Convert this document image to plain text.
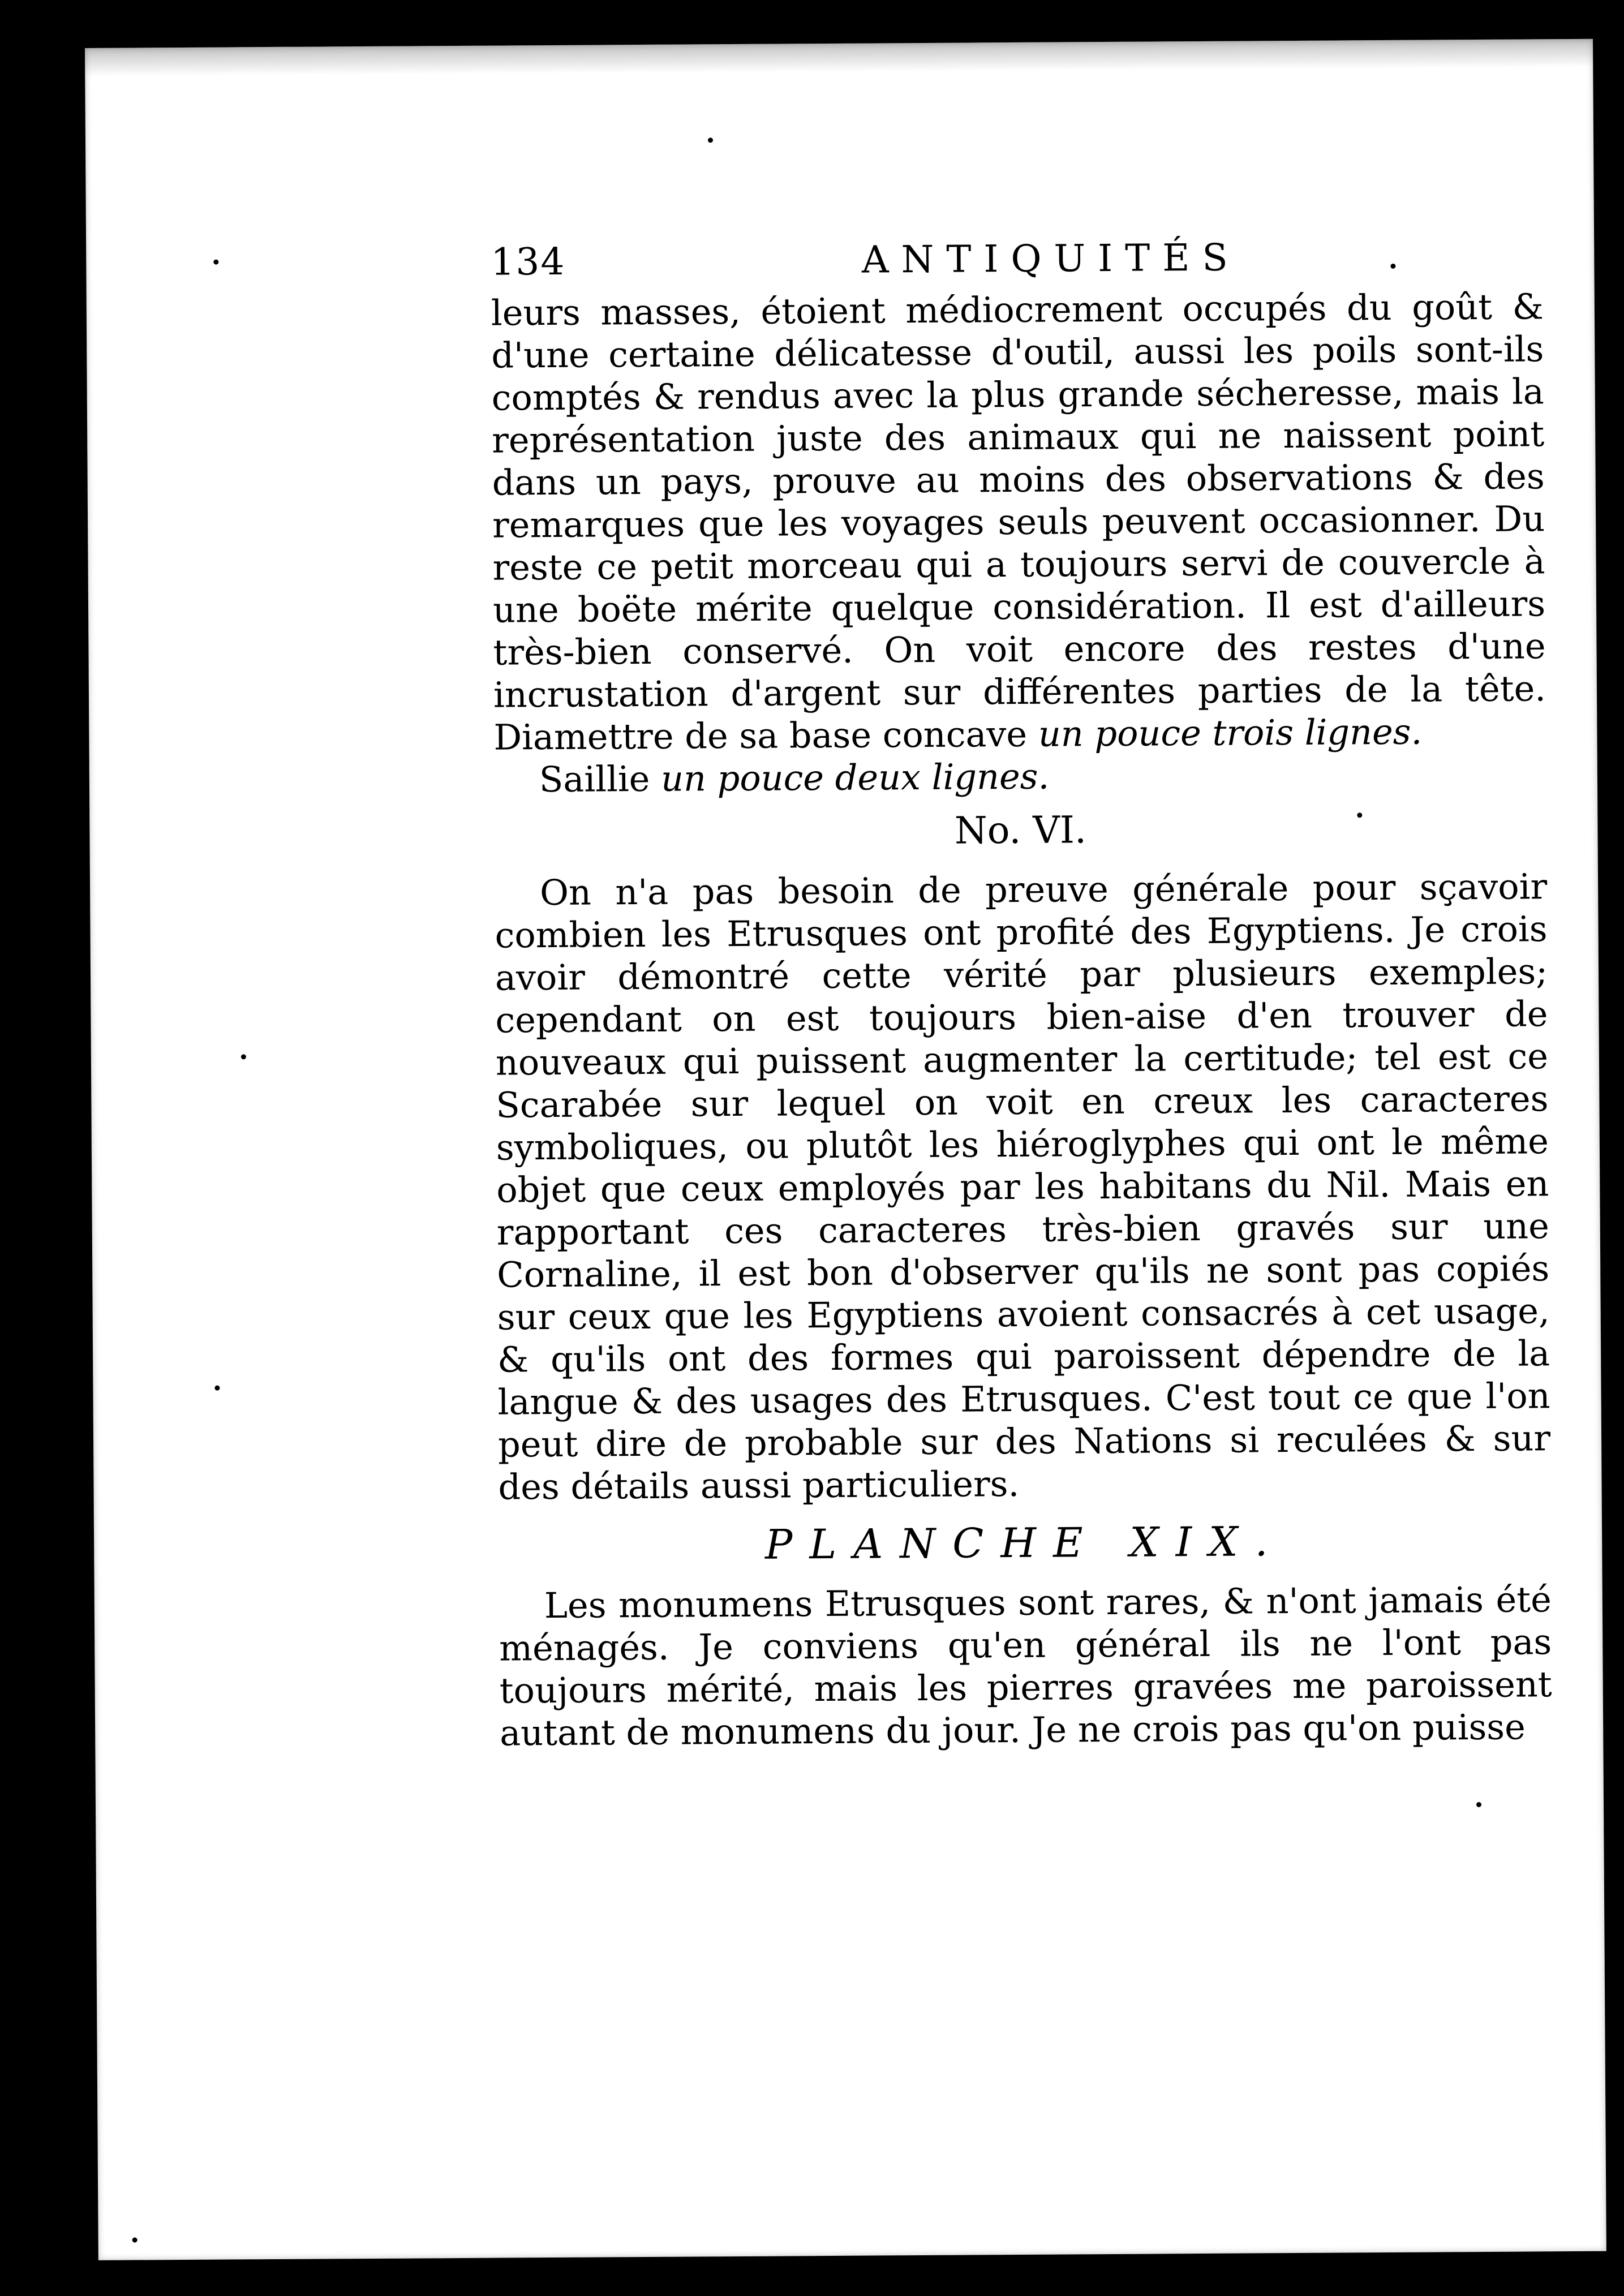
134	ANTIQUITÉS

leurs masses, étoient médiocrement occupés du goût & d'une certaine délicatesse d'outil, aussi les poils sont-ils comptés & rendus avec la plus grande sécheresse, mais la représentation juste des animaux qui ne naissent point dans un pays, prouve au moins des observations & des remarques que les voyages seuls peuvent occasionner. Du reste ce petit morceau qui a toujours servi de couvercle à une boëte mérite quelque considération. Il est d'ailleurs très-bien conservé. On voit encore des restes d'une incrustation d'argent sur différentes parties de la tête. Diamettre de sa base concave un pouce trois lignes.

Saillie un pouce deux lignes.

No. VI.

On n'a pas besoin de preuve générale pour sçavoir combien les Etrusques ont profité des Egyptiens. Je crois avoir démontré cette vérité par plusieurs exemples; cependant on est toujours bien-aise d'en trouver de nouveaux qui puissent augmenter la certitude; tel est ce Scarabée sur lequel on voit en creux les caracteres symboliques, ou plutôt les hiéroglyphes qui ont le même objet que ceux employés par les habitans du Nil. Mais en rapportant ces caracteres très-bien gravés sur une Cornaline, il est bon d'observer qu'ils ne sont pas copiés sur ceux que les Egyptiens avoient consacrés à cet usage, & qu'ils ont des formes qui paroissent dépendre de la langue & des usages des Etrusques. C'est tout ce que l'on peut dire de probable sur des Nations si reculées & sur des détails aussi particuliers.

PLANCHE XIX.

Les monumens Etrusques sont rares, & n'ont jamais été ménagés. Je conviens qu'en général ils ne l'ont pas toujours mérité, mais les pierres gravées me paroissent autant de monumens du jour. Je ne crois pas qu'on puisse
